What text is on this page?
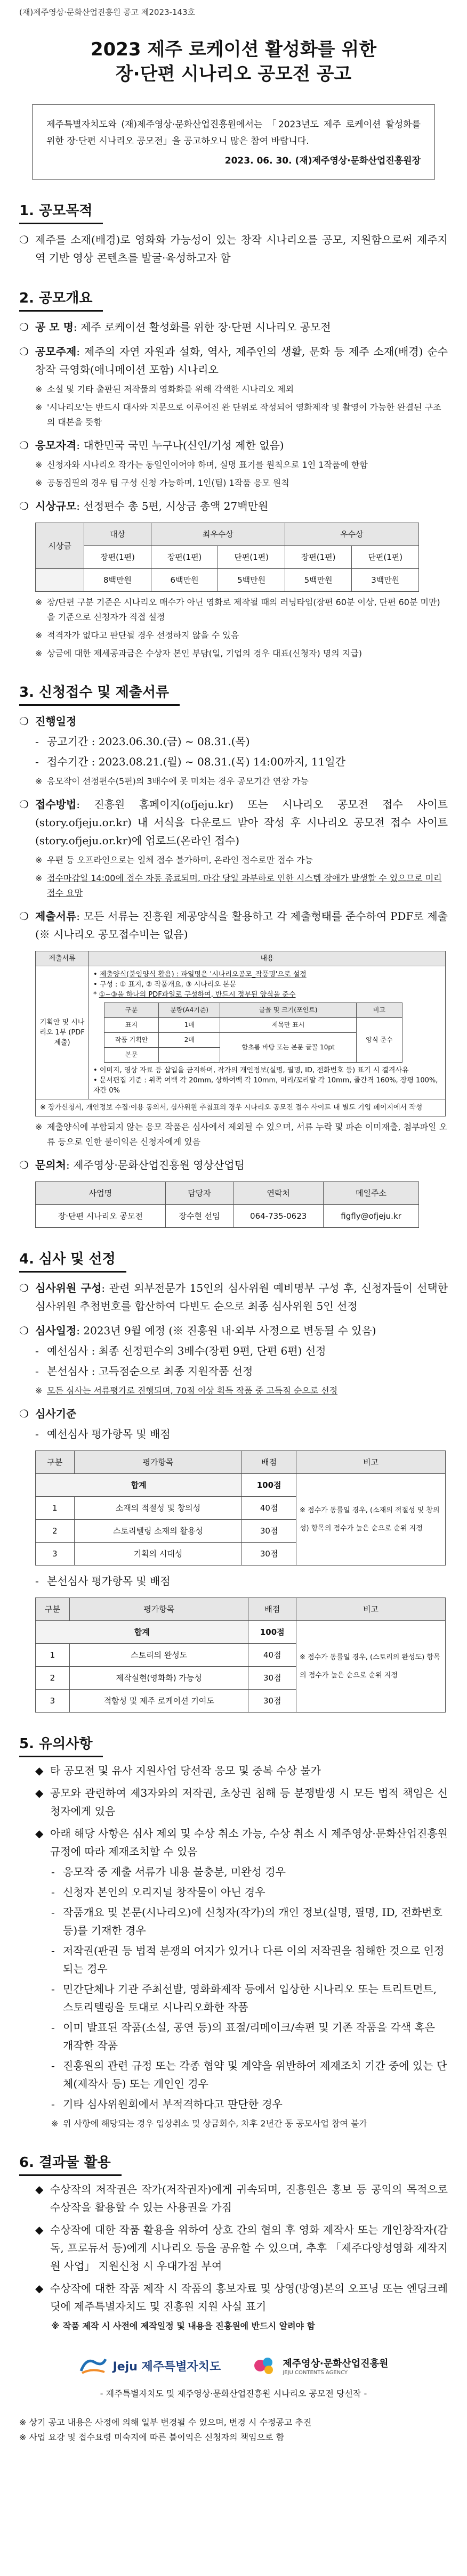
(재)제주영상·문화산업진흥원 공고 제2023-143호
2023 제주 로케이션 활성화를 위한
장·단편 시나리오 공모전 공고
제주특별자치도와 (재)제주영상·문화산업진흥원에서는 「2023년도 제주 로케이션 활성화를 위한 장·단편 시나리오 공모전」을 공고하오니 많은 참여 바랍니다.
2023. 06. 30. (재)제주영상·문화산업진흥원장
1. 공모목적
❍ 제주를 소재(배경)로 영화화 가능성이 있는 창작 시나리오를 공모, 지원함으로써 제주지역 기반 영상 콘텐츠를 발굴·육성하고자 함
2. 공모개요
❍ 공 모 명: 제주 로케이션 활성화를 위한 장·단편 시나리오 공모전
❍ 공모주제: 제주의 자연 자원과 설화, 역사, 제주인의 생활, 문화 등 제주 소재(배경) 순수창작 극영화(애니메이션 포함) 시나리오
※ 소설 및 기타 출판된 저작물의 영화화를 위해 각색한 시나리오 제외
※ '시나리오'는 반드시 대사와 지문으로 이루어진 완 단위로 작성되어 영화제작 및 촬영이 가능한 완결된 구조의 대본을 뜻함
❍ 응모자격: 대한민국 국민 누구나(신인/기성 제한 없음)
※ 신청자와 시나리오 작가는 동일인이어야 하며, 실명 표기를 원칙으로 1인 1작품에 한함
※ 공동집필의 경우 팀 구성 신청 가능하며, 1인(팀) 1작품 응모 원칙
❍ 시상규모: 선정편수 총 5편, 시상금 총액 27백만원
시상금	대상	최우수상		우수상	
	장편(1편)	장편(1편)	단편(1편)	장편(1편)	단편(1편)
	8백만원	6백만원	5백만원	5백만원	3백만원
※ 장/단편 구분 기준은 시나리오 매수가 아닌 영화로 제작될 때의 러닝타임(장편 60분 이상, 단편 60분 미만)을 기준으로 신청자가 직접 설정
※ 적격자가 없다고 판단될 경우 선정하지 않을 수 있음
※ 상금에 대한 제세공과금은 수상자 본인 부담(일, 기업의 경우 대표(신청자) 명의 지급)
3. 신청접수 및 제출서류
❍ 진행일정
- 공고기간 : 2023.06.30.(금) ~ 08.31.(목)
- 접수기간 : 2023.08.21.(월) ~ 08.31.(목) 14:00까지, 11일간
※ 응모작이 선정편수(5편)의 3배수에 못 미치는 경우 공모기간 연장 가능
❍ 접수방법: 진흥원 홈페이지(ofjeju.kr) 또는 시나리오 공모전 접수 사이트(story.ofjeju.or.kr) 내 서식을 다운로드 받아 작성 후 시나리오 공모전 접수 사이트(story.ofjeju.or.kr)에 업로드(온라인 접수)
※ 우편 등 오프라인으로는 일체 접수 불가하며, 온라인 접수로만 접수 가능
※ 접수마감일 14:00에 접수 자동 종료되며, 마감 당일 과부하로 인한 시스템 장애가 발생할 수 있으므로 미리 접수 요망
❍ 제출서류: 모든 서류는 진흥원 제공양식을 활용하고 각 제출형태를 준수하여 PDF로 제출 (※ 시나리오 공모접수비는 없음)
제출서류	내용
기획안 및 시나리오 1부 (PDF 제출)	
• 제출양식(붙임양식 활용) : 파일명은 '시나리오공모_작품명'으로 설정
• 구성 : ① 표지, ② 작품개요, ③ 시나리오 본문
* ①~③을 하나의 PDF파일로 구성하여, 반드시 정부된 양식을 준수
구분	분량(A4기준)	글꼴 및 크기(포인트)	비고
표지	1매	제목만 표시	양식 준수
작품 기획안	2매	함초롬 바탕 또는 본문 글꼴 10pt
본문	
• 이미지, 영상 자료 등 삽입을 금지하며, 작가의 개인정보(실명, 필명, ID, 전화번호 등) 표기 시 결격사유
• 문서편집 기준 : 위쪽 여백 각 20mm, 상하여백 각 10mm, 머리/꼬리말 각 10mm, 줄간격 160%, 장평 100%, 자간 0%

※ 장가신청서, 개인정보 수집·이용 동의서, 심사위원 추첨표의 경우 시나리오 공모전 접수 사이트 내 별도 기입 페이지에서 작성
※ 제출양식에 부합되지 않는 응모 작품은 심사에서 제외될 수 있으며, 서류 누락 및 파손 이미재출, 첨부파일 오류 등으로 인한 불이익은 신청자에게 있음
❍ 문의처: 제주영상·문화산업진흥원 영상산업팀
사업명	담당자	연락처	메일주소
장·단편 시나리오 공모전	장수현 선임	064-735-0623	figfly@ofjeju.kr
4. 심사 및 선정
❍ 심사위원 구성: 관련 외부전문가 15인의 심사위원 예비명부 구성 후, 신청자들이 선택한 심사위원 추첨번호를 합산하여 다빈도 순으로 최종 심사위원 5인 선정
❍ 심사일정: 2023년 9월 예정 (※ 진흥원 내·외부 사정으로 변동될 수 있음)
- 예선심사 : 최종 선정편수의 3배수(장편 9편, 단편 6편) 선정
- 본선심사 : 고득점순으로 최종 지원작품 선정
※ 모든 심사는 서류평가로 진행되며, 70점 이상 획득 작품 중 고득점 순으로 선정
❍ 심사기준
- 예선심사 평가항목 및 배점
구분	평가항목	배점	비고
합계		100점	※ 점수가 동률일 경우, (소재의 적절성 및 창의성) 항목의 점수가 높은 순으로 순위 지정
1	소재의 적절성 및 창의성	40점	
2	스토리텔링 소재의 활용성	30점	
3	기획의 시대성	30점	
- 본선심사 평가항목 및 배점
구분	평가항목	배점	비고
합계		100점	※ 점수가 동률일 경우, (스토리의 완성도) 항목의 점수가 높은 순으로 순위 지정
1	스토리의 완성도	40점	
2	제작실현(영화화) 가능성	30점	
3	적합성 및 제주 로케이션 기여도	30점	
5. 유의사항
◆ 타 공모전 및 유사 지원사업 당선작 응모 및 중복 수상 불가
◆ 공모와 관련하여 제3자와의 저작권, 초상권 침해 등 분쟁발생 시 모든 법적 책임은 신청자에게 있음
◆ 아래 해당 사항은 심사 제외 및 수상 취소 가능, 수상 취소 시 제주영상·문화산업진흥원 규정에 따라 제재조치할 수 있음
- 응모작 중 제출 서류가 내용 불충분, 미완성 경우
- 신청자 본인의 오리지널 창작물이 아닌 경우
- 작품개요 및 본문(시나리오)에 신청자(작가)의 개인 정보(실명, 필명, ID, 전화번호 등)를 기재한 경우
- 저작권(판권 등 법적 분쟁의 여지가 있거나 다른 이의 저작권을 침해한 것으로 인정되는 경우
- 민간단체나 기관 주최선발, 영화화제작 등에서 입상한 시나리오 또는 트리트먼트, 스토리텔링을 토대로 시나리오화한 작품
- 이미 발표된 작품(소설, 공연 등)의 표절/리메이크/속편 및 기존 작품을 각색 혹은 개작한 작품
- 진흥원의 관련 규정 또는 각종 협약 및 계약을 위반하여 제재조치 기간 중에 있는 단체(제작사 등) 또는 개인인 경우
- 기타 심사위원회에서 부적격하다고 판단한 경우
※ 위 사항에 해당되는 경우 입상취소 및 상금회수, 차후 2년간 동 공모사업 참여 불가
6. 결과물 활용
◆ 수상작의 저작권은 작가(저작권자)에게 귀속되며, 진흥원은 홍보 등 공익의 목적으로 수상작을 활용할 수 있는 사용권을 가짐
◆ 수상작에 대한 작품 활용을 위하여 상호 간의 협의 후 영화 제작사 또는 개인창작자(감독, 프로듀서 등)에게 시나리오 등을 공유할 수 있으며, 추후 「제주다양성영화 제작지원 사업」 지원신청 시 우대가점 부여
◆ 수상작에 대한 작품 제작 시 작품의 홍보자료 및 상영(방영)본의 오프닝 또는 엔딩크레딧에 제주특별자치도 및 진흥원 지원 사실 표기
※ 작품 제작 시 사전에 제작일정 및 내용을 진흥원에 반드시 알려야 함
Jeju 제주특별자치도	제주영상·문화산업진흥원
JEJU CONTENTS AGENCY
- 제주특별자치도 및 제주영상·문화산업진흥원 시나리오 공모전 당선작 -
※ 상기 공고 내용은 사정에 의해 일부 변경될 수 있으며, 변경 시 수정공고 추진
※ 사업 요강 및 접수요령 미숙지에 따른 불이익은 신청자의 책임으로 함
